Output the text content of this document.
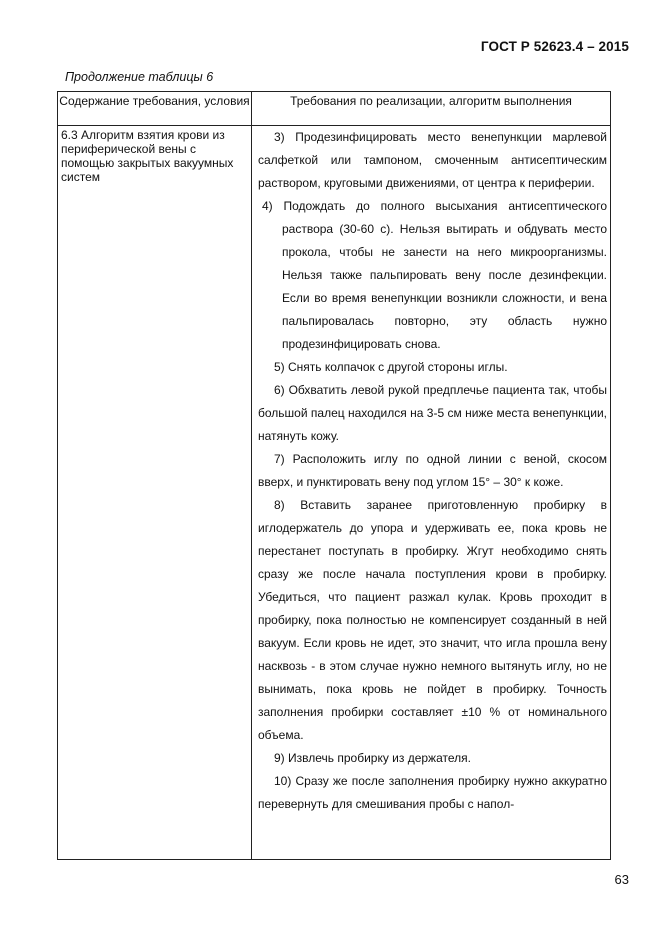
ГОСТ Р 52623.4 – 2015
Продолжение таблицы 6
Содержание требования, условия	Требования по реализации, алгоритм выполнения
6.3 Алгоритм взятия крови из периферической вены с помощью закрытых вакуумных систем

3) Продезинфицировать место венепункции марлевой салфеткой или тампоном, смоченным антисептическим раствором, круговыми движениями, от центра к периферии.

4) Подождать до полного высыхания антисептического раствора (30-60 с). Нельзя вытирать и обдувать место прокола, чтобы не занести на него микроорганизмы. Нельзя также пальпировать вену после дезинфекции. Если во время венепункции возникли сложности, и вена пальпировалась повторно, эту область нужно продезинфицировать снова.

5) Снять колпачок с другой стороны иглы.

6) Обхватить левой рукой предплечье пациента так, чтобы большой палец находился на 3-5 см ниже места венепункции, натянуть кожу.

7) Расположить иглу по одной линии с веной, скосом вверх, и пунктировать вену под углом 15° – 30° к коже.

8) Вставить заранее приготовленную пробирку в иглодержатель до упора и удерживать ее, пока кровь не перестанет поступать в пробирку. Жгут необходимо снять сразу же после начала поступления крови в пробирку. Убедиться, что пациент разжал кулак. Кровь проходит в пробирку, пока полностью не компенсирует созданный в ней вакуум. Если кровь не идет, это значит, что игла прошла вену насквозь - в этом случае нужно немного вытянуть иглу, но не вынимать, пока кровь не пойдет в пробирку. Точность заполнения пробирки составляет ±10 % от номинального объема.

9) Извлечь пробирку из держателя.

10) Сразу же после заполнения пробирку нужно аккуратно перевернуть для смешивания пробы с напол-

63
